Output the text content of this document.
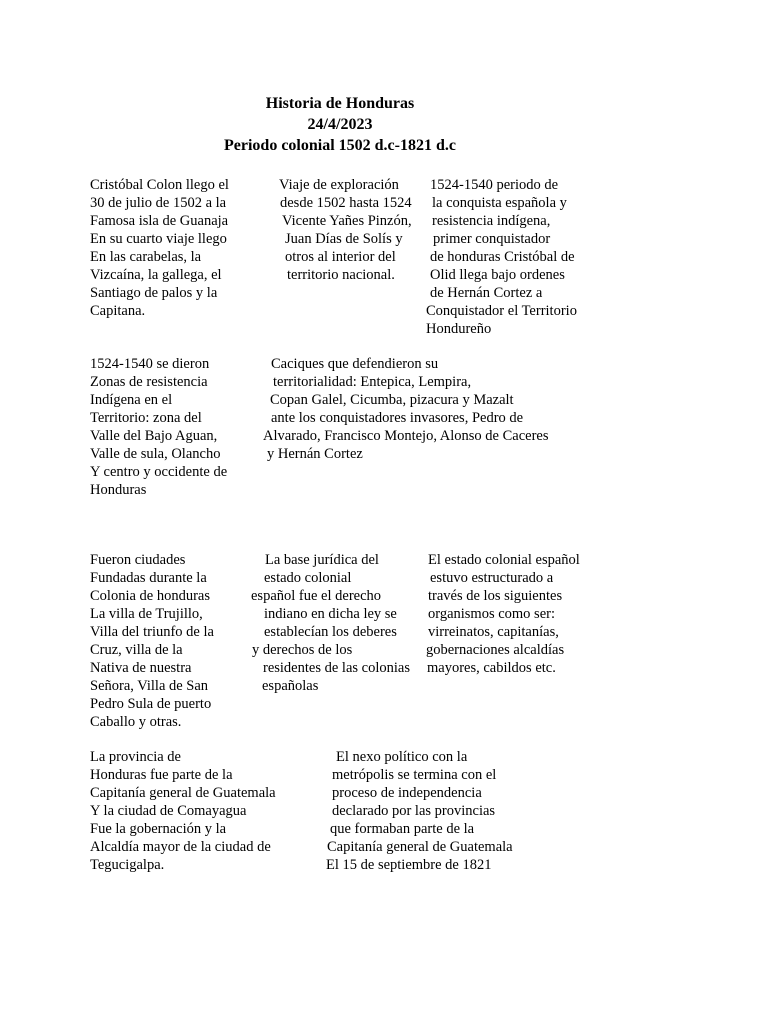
Historia de Honduras
24/4/2023
Periodo colonial 1502 d.c-1821 d.c
Cristóbal Colon llego el
30 de julio de 1502 a la
Famosa isla de Guanaja
En su cuarto viaje llego
En las carabelas, la
Vizcaína, la gallega, el
Santiago de palos y la
Capitana.
Viaje de exploración
desde 1502 hasta 1524
Vicente Yañes Pinzón,
Juan Días de Solís y
otros al interior del
territorio nacional.
1524-1540 periodo de
la conquista española y
resistencia indígena,
primer conquistador
de honduras Cristóbal de
Olid llega bajo ordenes
de Hernán Cortez a
Conquistador el Territorio
Hondureño
1524-1540 se dieron
Zonas de resistencia
Indígena en el
Territorio: zona del
Valle del Bajo Aguan,
Valle de sula, Olancho
Y centro y occidente de
Honduras
Caciques que defendieron su
territorialidad: Entepica, Lempira,
Copan Galel, Cicumba, pizacura y Mazalt
ante los conquistadores invasores, Pedro de
Alvarado, Francisco Montejo, Alonso de Caceres
y Hernán Cortez
Fueron ciudades
Fundadas durante la
Colonia de honduras
La villa de Trujillo,
Villa del triunfo de la
Cruz, villa de la
Nativa de nuestra
Señora, Villa de San
Pedro Sula de puerto
Caballo y otras.
La base jurídica del
estado colonial
español fue el derecho
indiano en dicha ley se
establecían los deberes
y derechos de los
residentes de las colonias
españolas
El estado colonial español
estuvo estructurado a
través de los siguientes
organismos como ser:
virreinatos, capitanías,
gobernaciones alcaldías
mayores, cabildos etc.
La provincia de
Honduras fue parte de la
Capitanía general de Guatemala
Y la ciudad de Comayagua
Fue la gobernación y la
Alcaldía mayor de la ciudad de
Tegucigalpa.
El nexo político con la
metrópolis se termina con el
proceso de independencia
declarado por las provincias
que formaban parte de la
Capitanía general de Guatemala
El 15 de septiembre de 1821
